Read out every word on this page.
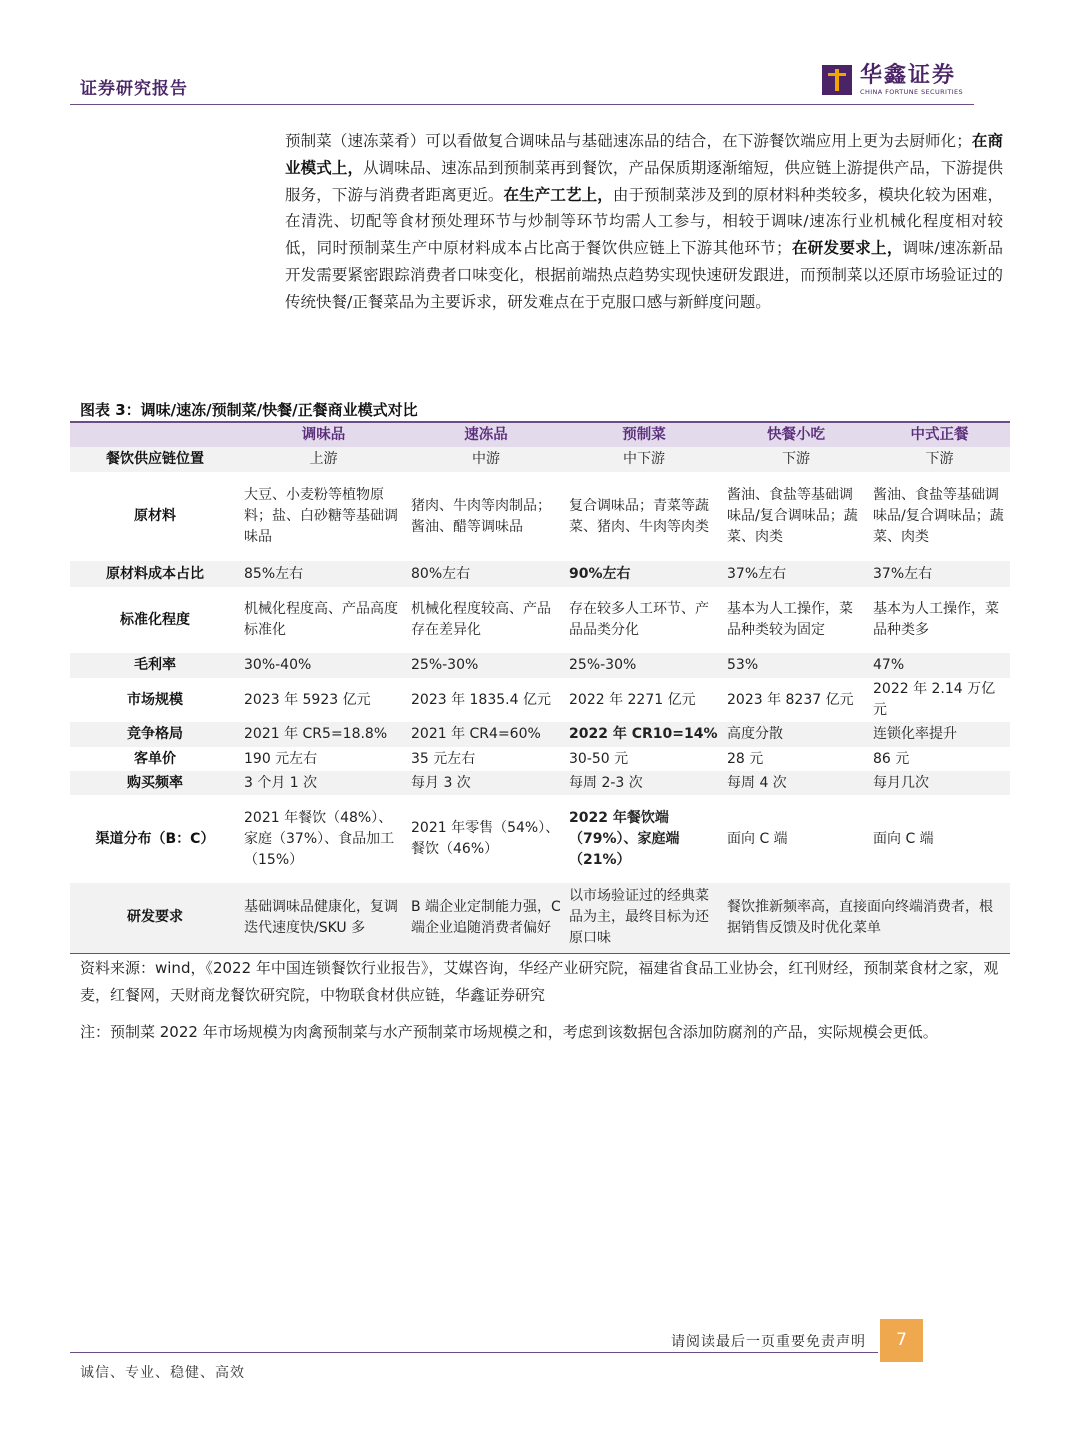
证券研究报告
华鑫证券
CHINA FORTUNE SECURITIES
预制菜（速冻菜肴）可以看做复合调味品与基础速冻品的结合，在下游餐饮端应用上更为去厨师化；在商业模式上，从调味品、速冻品到预制菜再到餐饮，产品保质期逐渐缩短，供应链上游提供产品，下游提供服务，下游与消费者距离更近。在生产工艺上，由于预制菜涉及到的原材料种类较多，模块化较为困难，在清洗、切配等食材预处理环节与炒制等环节均需人工参与，相较于调味/速冻行业机械化程度相对较低，同时预制菜生产中原材料成本占比高于餐饮供应链上下游其他环节；在研发要求上，调味/速冻新品开发需要紧密跟踪消费者口味变化，根据前端热点趋势实现快速研发跟进，而预制菜以还原市场验证过的传统快餐/正餐菜品为主要诉求，研发难点在于克服口感与新鲜度问题。
图表 3：调味/速冻/预制菜/快餐/正餐商业模式对比
	调味品	速冻品	预制菜	快餐小吃	中式正餐
餐饮供应链位置	上游	中游	中下游	下游	下游
原材料	大豆、小麦粉等植物原料；盐、白砂糖等基础调味品	猪肉、牛肉等肉制品；酱油、醋等调味品	复合调味品；青菜等蔬菜、猪肉、牛肉等肉类	酱油、食盐等基础调味品/复合调味品；蔬菜、肉类	酱油、食盐等基础调味品/复合调味品；蔬菜、肉类
原材料成本占比	85%左右	80%左右	90%左右	37%左右	37%左右
标准化程度	机械化程度高、产品高度标准化	机械化程度较高、产品存在差异化	存在较多人工环节、产品品类分化	基本为人工操作，菜品种类较为固定	基本为人工操作，菜品种类多
毛利率	30%-40%	25%-30%	25%-30%	53%	47%
市场规模	2023 年 5923 亿元	2023 年 1835.4 亿元	2022 年 2271 亿元	2023 年 8237 亿元	2022 年 2.14 万亿元
竞争格局	2021 年 CR5=18.8%	2021 年 CR4=60%	2022 年 CR10=14%	高度分散	连锁化率提升
客单价	190 元左右	35 元左右	30-50 元	28 元	86 元
购买频率	3 个月 1 次	每月 3 次	每周 2-3 次	每周 4 次	每月几次
渠道分布（B：C）	2021 年餐饮（48%）、家庭（37%）、食品加工（15%）	2021 年零售（54%）、餐饮（46%）	2022 年餐饮端（79%）、家庭端（21%）	面向 C 端	面向 C 端
研发要求	基础调味品健康化，复调迭代速度快/SKU 多	B 端企业定制能力强，C 端企业追随消费者偏好	以市场验证过的经典菜品为主，最终目标为还原口味	餐饮推新频率高，直接面向终端消费者，根据销售反馈及时优化菜单	
资料来源：wind，《2022 年中国连锁餐饮行业报告》，艾媒咨询，华经产业研究院，福建省食品工业协会，红刊财经，预制菜食材之家，观麦，红餐网，天财商龙餐饮研究院，中物联食材供应链，华鑫证券研究
注：预制菜 2022 年市场规模为肉禽预制菜与水产预制菜市场规模之和，考虑到该数据包含添加防腐剂的产品，实际规模会更低。
请阅读最后一页重要免责声明	7
诚信、专业、稳健、高效
